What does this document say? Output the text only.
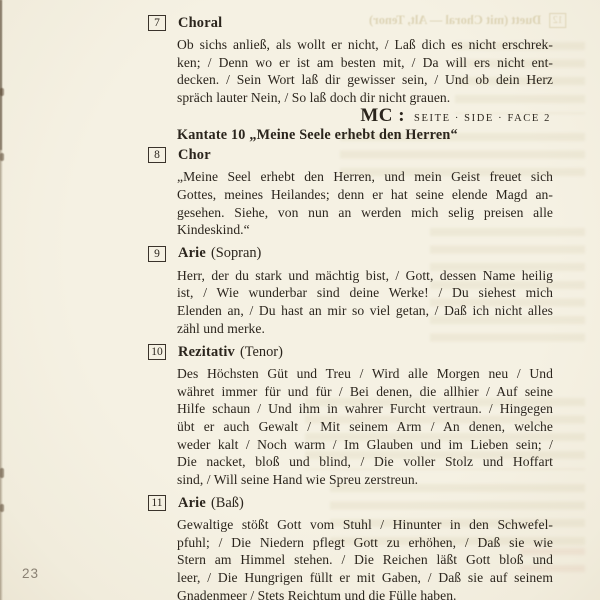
12
Duett (mit Choral — Alt, Tenor)
7	Choral
Ob sichs anließ, als wollt er nicht, / Laß dich es nicht erschrek-
ken; / Denn wo er ist am besten mit, / Da will ers nicht ent-
decken. / Sein Wort laß dir gewisser sein, / Und ob dein Herz
spräch lauter Nein, / So laß doch dir nicht grauen.
MC : SEITE · SIDE · FACE 2
Kantate 10 „Meine Seele erhebt den Herren“
8	Chor
„Meine Seel erhebt den Herren, und mein Geist freuet sich
Gottes, meines Heilandes; denn er hat seine elende Magd an-
gesehen. Siehe, von nun an werden mich selig preisen alle
Kindeskind.“
9	Arie (Sopran)
Herr, der du stark und mächtig bist, / Gott, dessen Name heilig
ist, / Wie wunderbar sind deine Werke! / Du siehest mich
Elenden an, / Du hast an mir so viel getan, / Daß ich nicht alles
zähl und merke.
10 Rezitativ (Tenor)
Des Höchsten Güt und Treu / Wird alle Morgen neu / Und
währet immer für und für / Bei denen, die allhier / Auf seine
Hilfe schaun / Und ihm in wahrer Furcht vertraun. / Hingegen
übt er auch Gewalt / Mit seinem Arm / An denen, welche
weder kalt / Noch warm / Im Glauben und im Lieben sein; /
Die nacket, bloß und blind, / Die voller Stolz und Hoffart
sind, / Will seine Hand wie Spreu zerstreun.
11 Arie (Baß)
Gewaltige stößt Gott vom Stuhl / Hinunter in den Schwefel-
pfuhl; / Die Niedern pflegt Gott zu erhöhen, / Daß sie wie
Stern am Himmel stehen. / Die Reichen läßt Gott bloß und
leer, / Die Hungrigen füllt er mit Gaben, / Daß sie auf seinem
Gnadenmeer / Stets Reichtum und die Fülle haben.
23
